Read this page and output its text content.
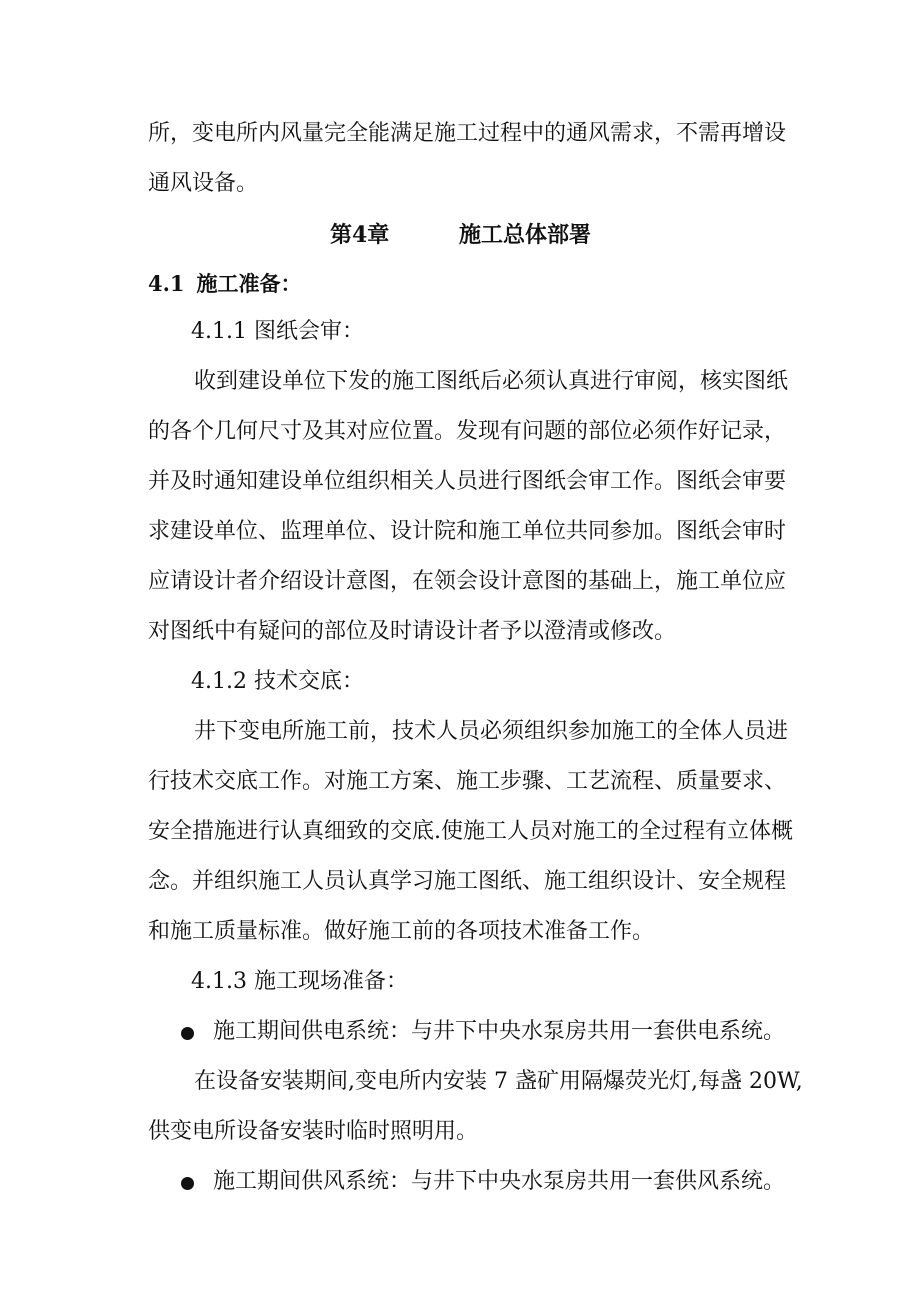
所，变电所内风量完全能满足施工过程中的通风需求，不需再增设
通风设备。
第4章	施工总体部署
4.1 施工准备：
4.1.1 图纸会审：
收到建设单位下发的施工图纸后必须认真进行审阅，核实图纸
的各个几何尺寸及其对应位置。发现有问题的部位必须作好记录，
并及时通知建设单位组织相关人员进行图纸会审工作。图纸会审要
求建设单位、监理单位、设计院和施工单位共同参加。图纸会审时
应请设计者介绍设计意图，在领会设计意图的基础上，施工单位应
对图纸中有疑问的部位及时请设计者予以澄清或修改。
4.1.2 技术交底：
井下变电所施工前，技术人员必须组织参加施工的全体人员进
行技术交底工作。对施工方案、施工步骤、工艺流程、质量要求、
安全措施进行认真细致的交底.使施工人员对施工的全过程有立体概
念。并组织施工人员认真学习施工图纸、施工组织设计、安全规程
和施工质量标准。做好施工前的各项技术准备工作。
4.1.3 施工现场准备：
施工期间供电系统：与井下中央水泵房共用一套供电系统。
在设备安装期间,变电所内安装 7 盏矿用隔爆荧光灯,每盏 20W,
供变电所设备安装时临时照明用。
施工期间供风系统：与井下中央水泵房共用一套供风系统。
